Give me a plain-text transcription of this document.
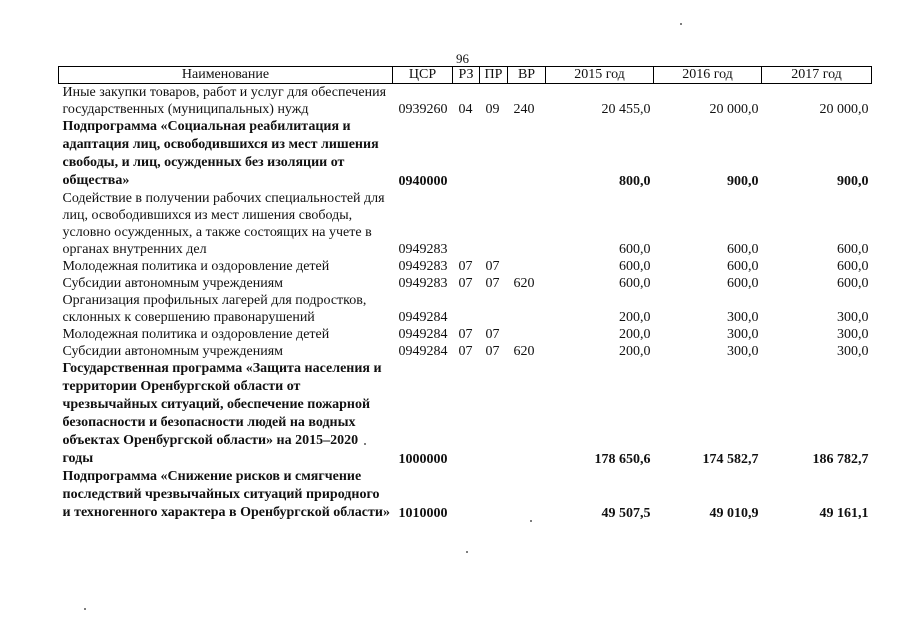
96
Наименование	ЦСР	РЗ	ПР	ВР	2015 год	2016 год	2017 год
Иные закупки товаров, работ и услуг для обеспечения государственных (муниципальных) нужд	0939260	04	09	240	20 455,0	20 000,0	20 000,0
Подпрограмма «Социальная реабилитация и адаптация лиц, освободившихся из мест лишения свободы, и лиц, осужденных без изоляции от общества»	0940000				800,0	900,0	900,0
Содействие в получении рабочих специальностей для лиц, освободившихся из мест лишения свободы, условно осужденных, а также состоящих на учете в органах внутренних дел	0949283				600,0	600,0	600,0
Молодежная политика и оздоровление детей	0949283	07	07		600,0	600,0	600,0
Субсидии автономным учреждениям	0949283	07	07	620	600,0	600,0	600,0
Организация профильных лагерей для подростков, склонных к совершению правонарушений	0949284				200,0	300,0	300,0
Молодежная политика и оздоровление детей	0949284	07	07		200,0	300,0	300,0
Субсидии автономным учреждениям	0949284	07	07	620	200,0	300,0	300,0
Государственная программа «Защита населения и территории Оренбургской области от чрезвычайных ситуаций, обеспечение пожарной безопасности и безопасности людей на водных объектах Оренбургской области» на 2015–2020 годы	1000000				178 650,6	174 582,7	186 782,7
Подпрограмма «Снижение рисков и смягчение последствий чрезвычайных ситуаций природного и техногенного характера в Оренбургской области»	1010000				49 507,5	49 010,9	49 161,1
